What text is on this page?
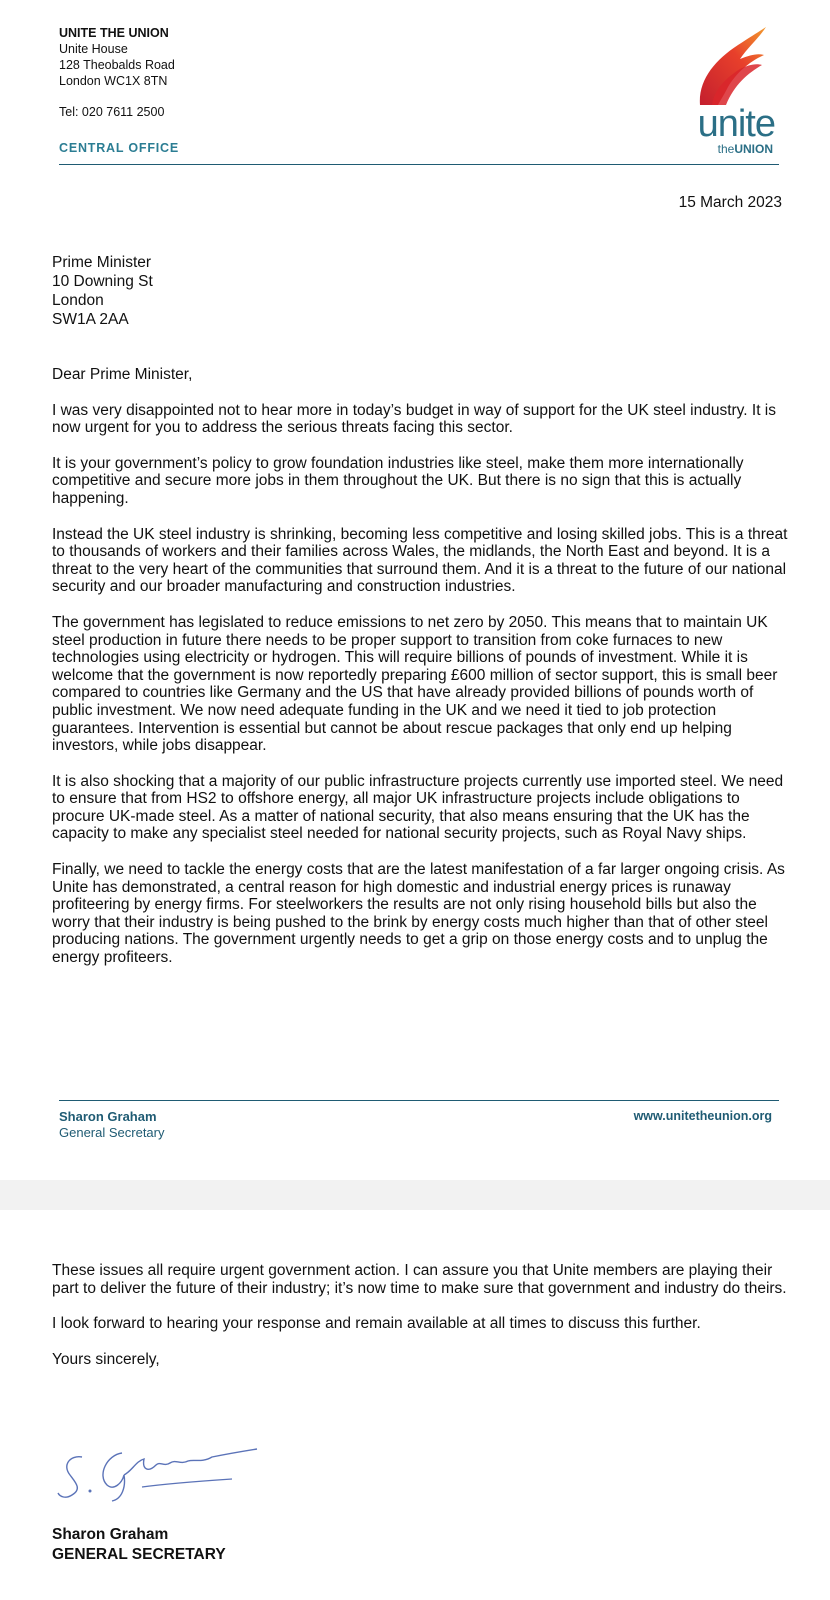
UNITE THE UNION
Unite House
128 Theobalds Road
London WC1X 8TN
Tel: 020 7611 2500
CENTRAL OFFICE
unite
theUNION
15 March 2023
Prime Minister
10 Downing St
London
SW1A 2AA

Dear Prime Minister,

I was very disappointed not to hear more in today’s budget in way of support for the UK steel industry. It is now urgent for you to address the serious threats facing this sector.

It is your government’s policy to grow foundation industries like steel, make them more internationally competitive and secure more jobs in them throughout the UK. But there is no sign that this is actually happening.

Instead the UK steel industry is shrinking, becoming less competitive and losing skilled jobs. This is a threat to thousands of workers and their families across Wales, the midlands, the North East and beyond. It is a threat to the very heart of the communities that surround them. And it is a threat to the future of our national security and our broader manufacturing and construction industries.

The government has legislated to reduce emissions to net zero by 2050. This means that to maintain UK steel production in future there needs to be proper support to transition from coke furnaces to new technologies using electricity or hydrogen. This will require billions of pounds of investment. While it is welcome that the government is now reportedly preparing £600 million of sector support, this is small beer compared to countries like Germany and the US that have already provided billions of pounds worth of public investment. We now need adequate funding in the UK and we need it tied to job protection guarantees. Intervention is essential but cannot be about rescue packages that only end up helping investors, while jobs disappear.

It is also shocking that a majority of our public infrastructure projects currently use imported steel. We need to ensure that from HS2 to offshore energy, all major UK infrastructure projects include obligations to procure UK-made steel. As a matter of national security, that also means ensuring that the UK has the capacity to make any specialist steel needed for national security projects, such as Royal Navy ships.

Finally, we need to tackle the energy costs that are the latest manifestation of a far larger ongoing crisis. As Unite has demonstrated, a central reason for high domestic and industrial energy prices is runaway profiteering by energy firms. For steelworkers the results are not only rising household bills but also the worry that their industry is being pushed to the brink by energy costs much higher than that of other steel producing nations. The government urgently needs to get a grip on those energy costs and to unplug the energy profiteers.

Sharon Graham
General Secretary
www.unitetheunion.org

These issues all require urgent government action. I can assure you that Unite members are playing their part to deliver the future of their industry; it’s now time to make sure that government and industry do theirs.

I look forward to hearing your response and remain available at all times to discuss this further.

Yours sincerely,

Sharon Graham
GENERAL SECRETARY
